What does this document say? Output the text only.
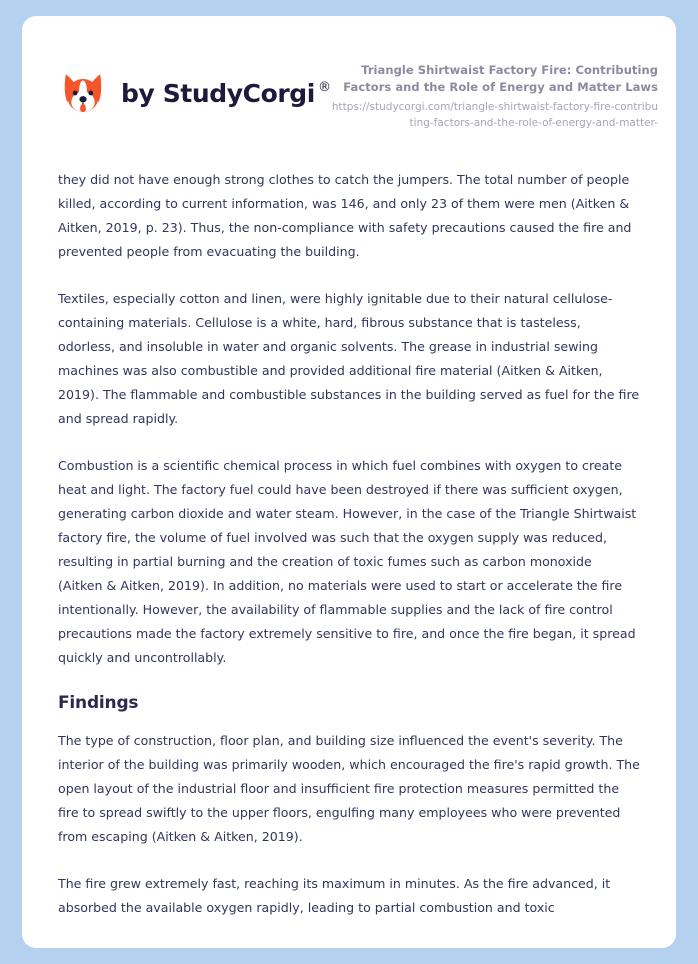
by StudyCorgi ®
Triangle Shirtwaist Factory Fire: Contributing Factors and the Role of Energy and Matter Laws
https://studycorgi.com/triangle-shirtwaist-factory-fire-contributing-factors-and-the-role-of-energy-and-matter-

they did not have enough strong clothes to catch the jumpers. The total number of people killed, according to current information, was 146, and only 23 of them were men (Aitken & Aitken, 2019, p. 23). Thus, the non-compliance with safety precautions caused the fire and prevented people from evacuating the building.

Textiles, especially cotton and linen, were highly ignitable due to their natural cellulose-containing materials. Cellulose is a white, hard, fibrous substance that is tasteless, odorless, and insoluble in water and organic solvents. The grease in industrial sewing machines was also combustible and provided additional fire material (Aitken & Aitken, 2019). The flammable and combustible substances in the building served as fuel for the fire and spread rapidly.

Combustion is a scientific chemical process in which fuel combines with oxygen to create heat and light. The factory fuel could have been destroyed if there was sufficient oxygen, generating carbon dioxide and water steam. However, in the case of the Triangle Shirtwaist factory fire, the volume of fuel involved was such that the oxygen supply was reduced, resulting in partial burning and the creation of toxic fumes such as carbon monoxide (Aitken & Aitken, 2019). In addition, no materials were used to start or accelerate the fire intentionally. However, the availability of flammable supplies and the lack of fire control precautions made the factory extremely sensitive to fire, and once the fire began, it spread quickly and uncontrollably.

Findings

The type of construction, floor plan, and building size influenced the event's severity. The interior of the building was primarily wooden, which encouraged the fire's rapid growth. The open layout of the industrial floor and insufficient fire protection measures permitted the fire to spread swiftly to the upper floors, engulfing many employees who were prevented from escaping (Aitken & Aitken, 2019).

The fire grew extremely fast, reaching its maximum in minutes. As the fire advanced, it absorbed the available oxygen rapidly, leading to partial combustion and toxic
